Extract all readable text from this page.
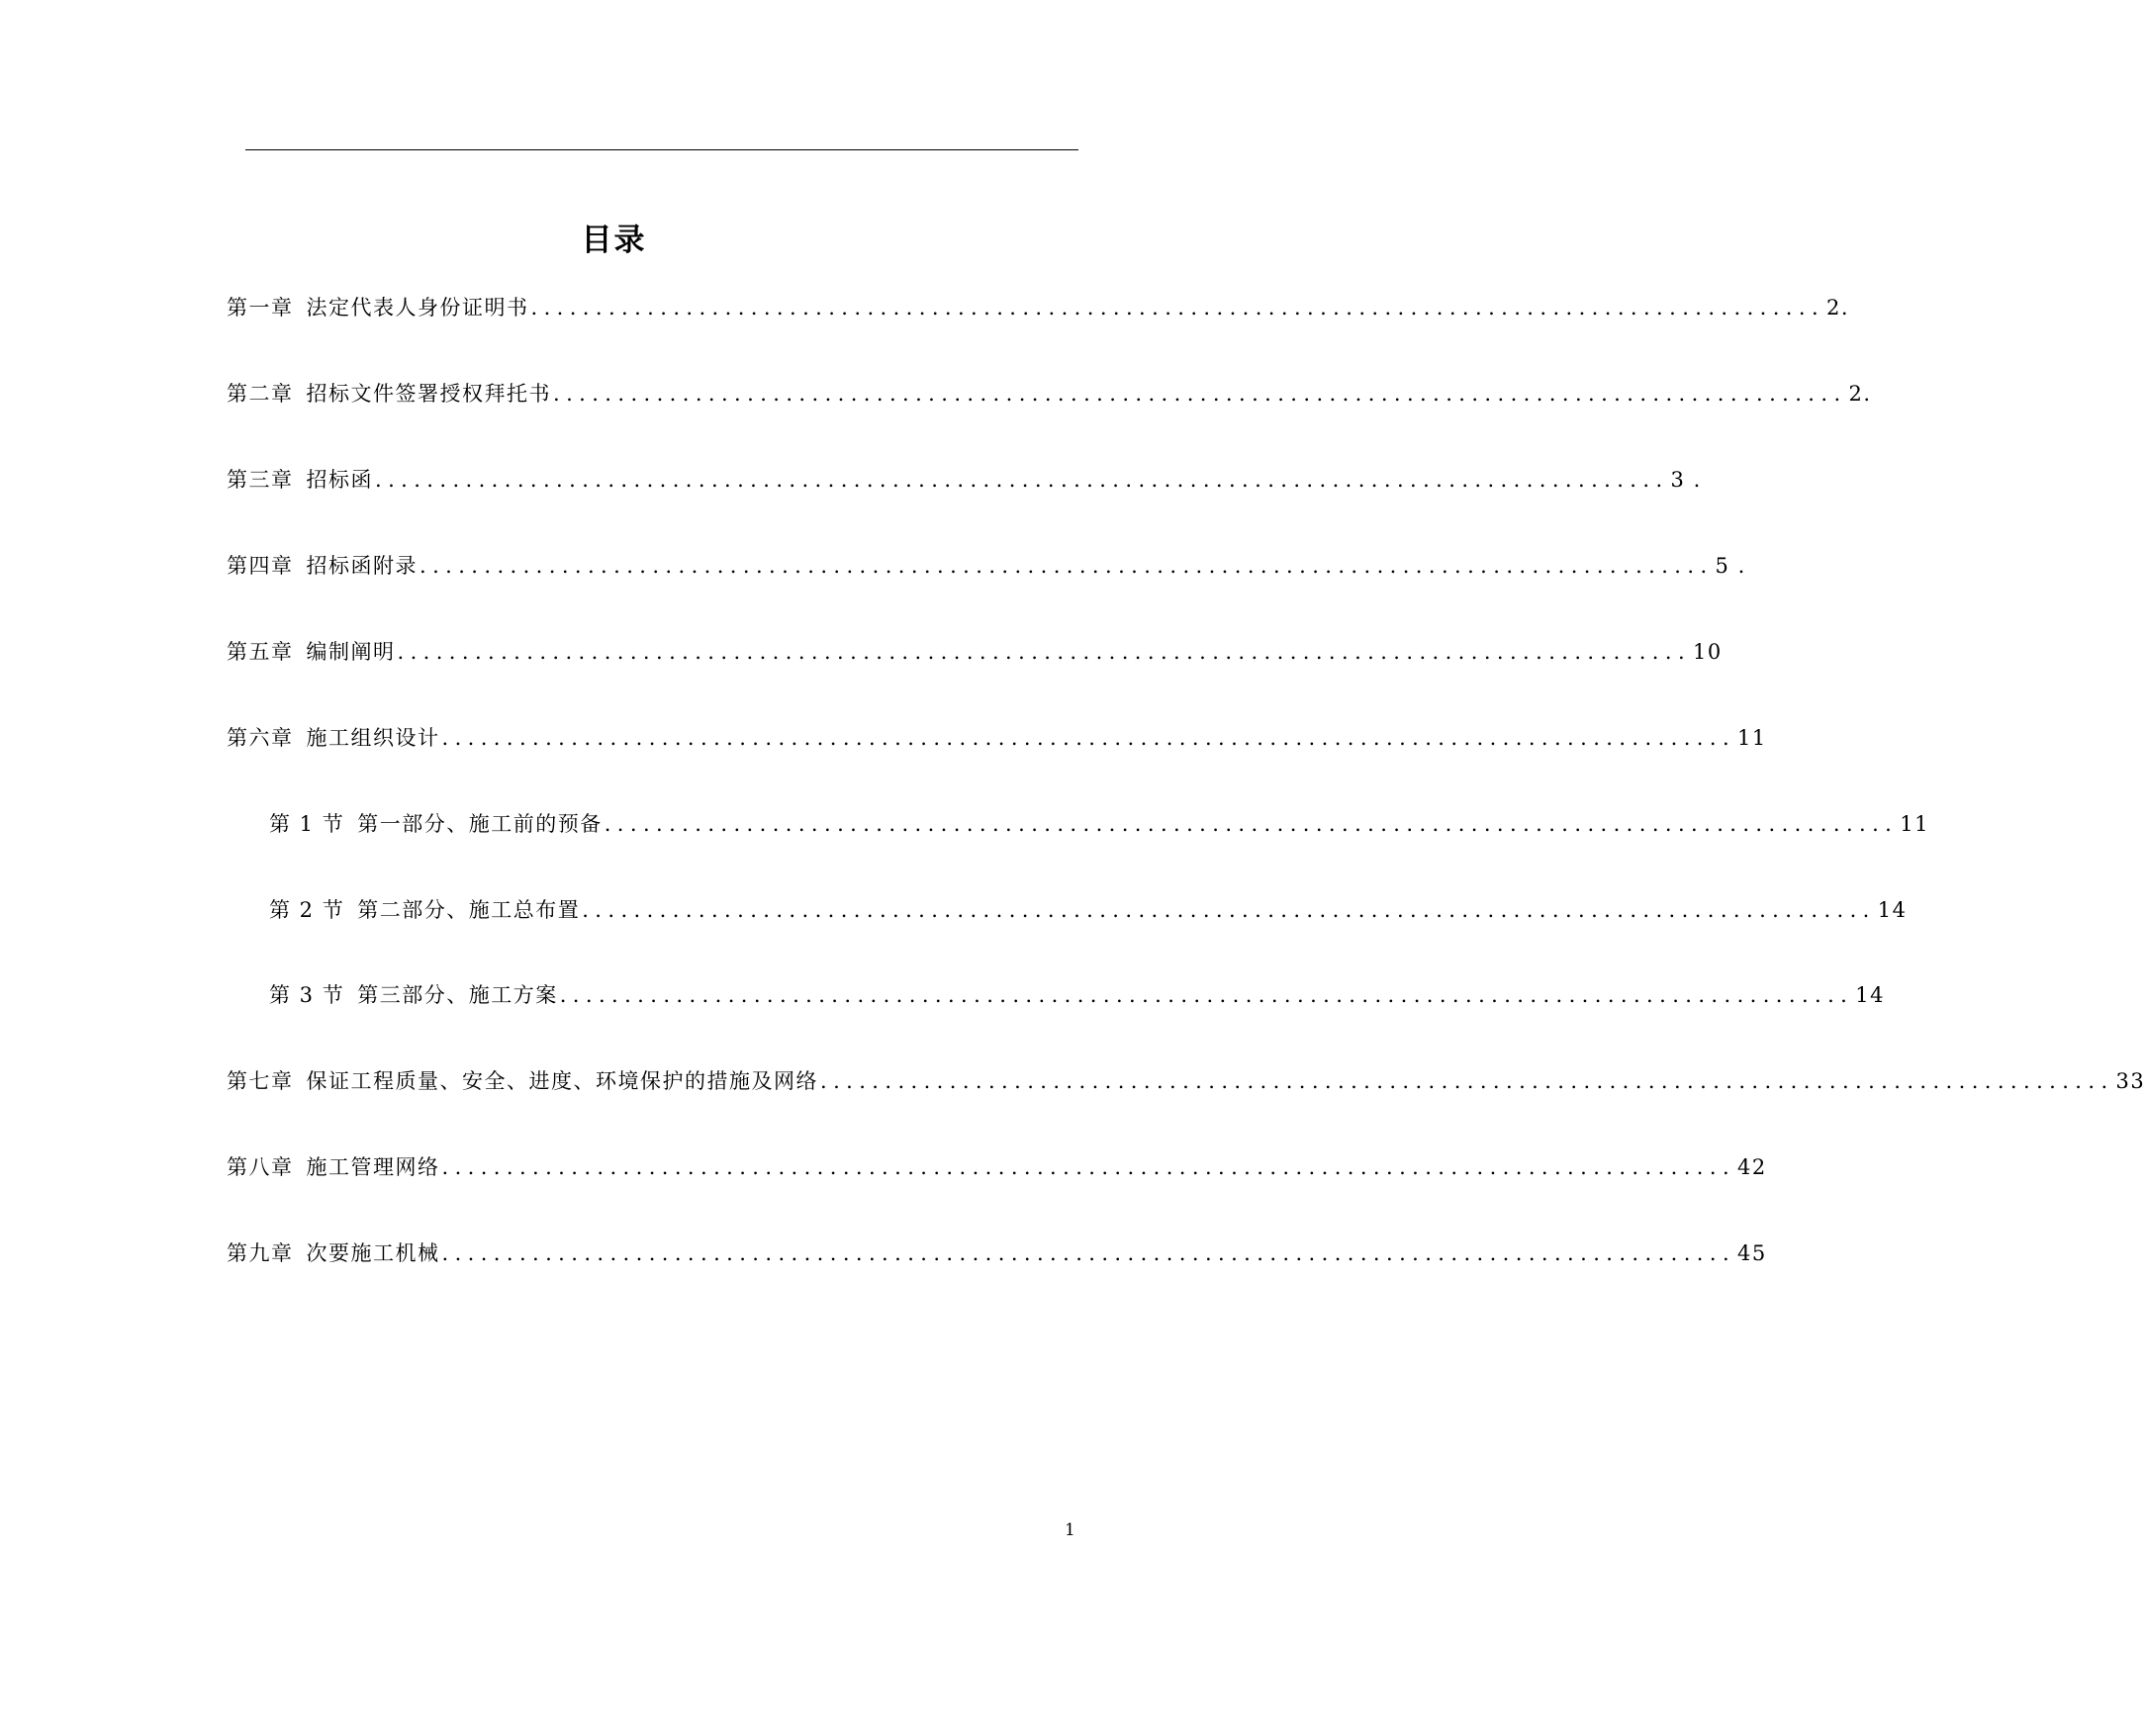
目录
第一章 法定代表人身份证明书 .................................................................................................... 2.
第二章 招标文件签署授权拜托书 .................................................................................................... 2.
第三章 招标函 .................................................................................................... 3 .
第四章 招标函附录 .................................................................................................... 5 .
第五章 编制阐明 .................................................................................................... 10
第六章 施工组织设计 .................................................................................................... 11
第 1 节 第一部分、施工前的预备 .................................................................................................... 11
第 2 节 第二部分、施工总布置 .................................................................................................... 14
第 3 节 第三部分、施工方案 .................................................................................................... 14
第七章 保证工程质量、安全、进度、环境保护的措施及网络 .................................................................................................... 33
第八章 施工管理网络 .................................................................................................... 42
第九章 次要施工机械 .................................................................................................... 45
1
